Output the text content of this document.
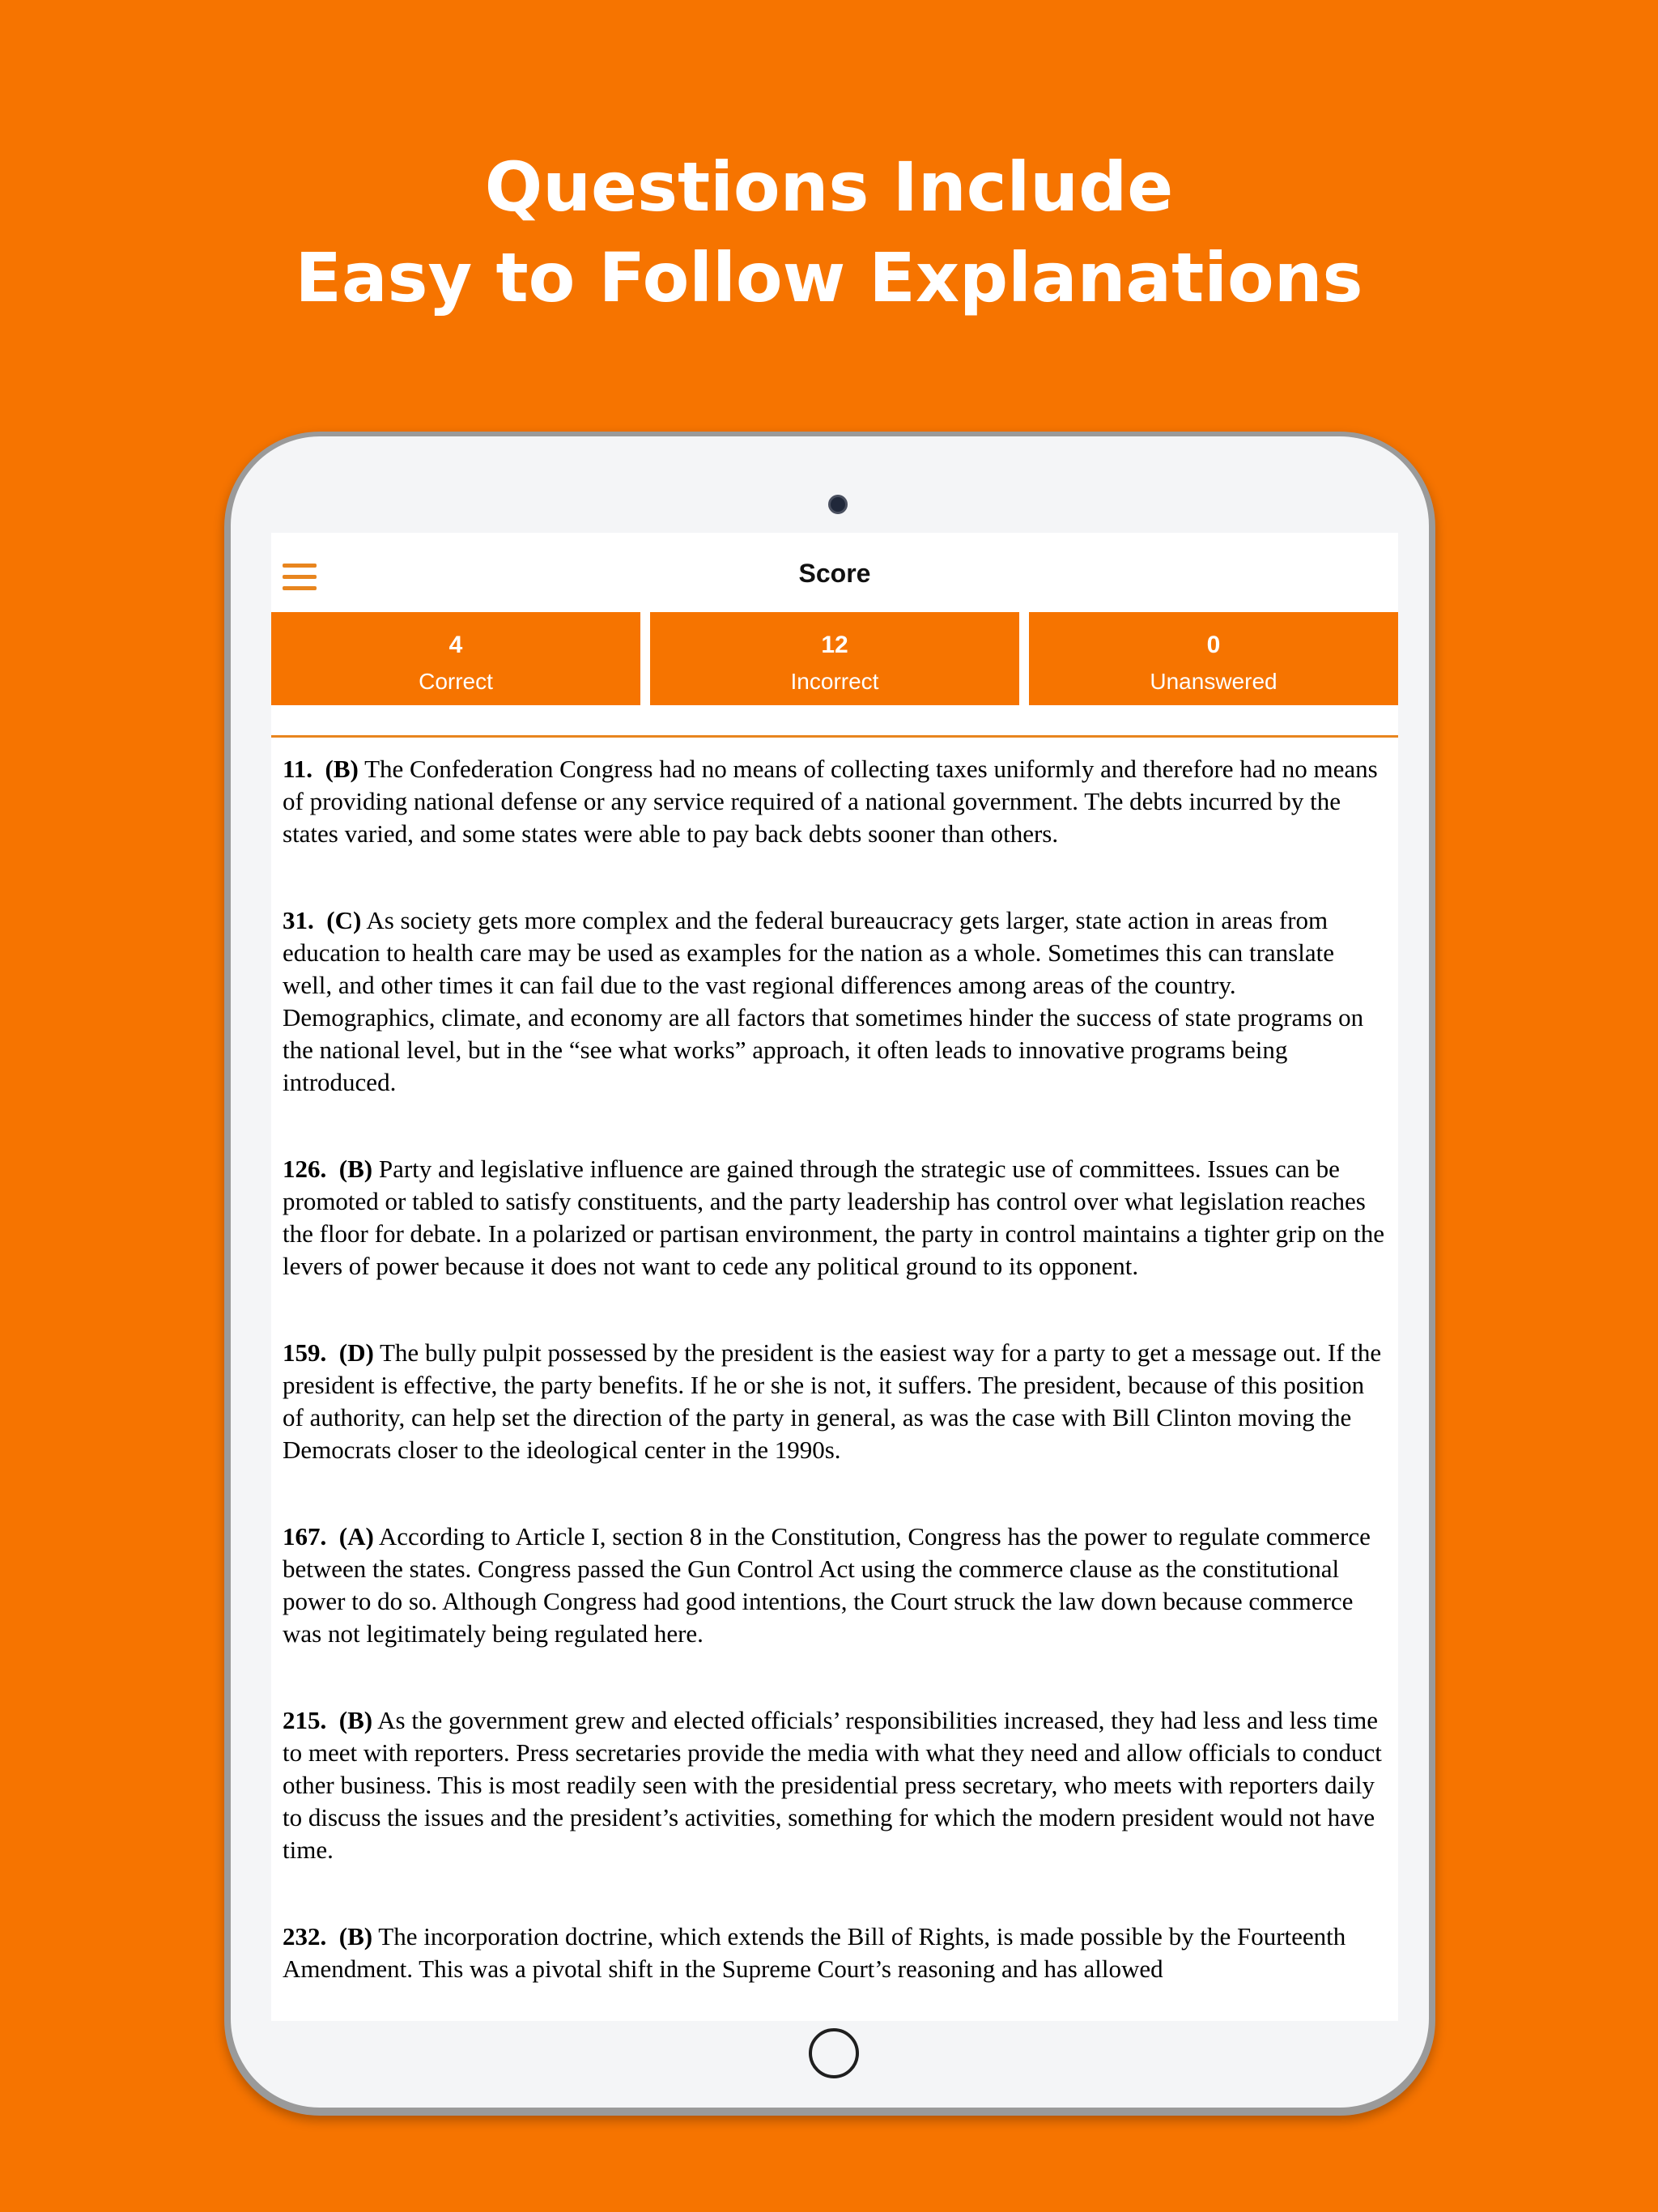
Questions Include
Easy to Follow Explanations
Score
4
Correct
12
Incorrect
0
Unanswered

11. (B) The Confederation Congress had no means of collecting taxes uniformly and therefore had no means of providing national defense or any service required of a national government. The debts incurred by the states varied, and some states were able to pay back debts sooner than others.

31. (C) As society gets more complex and the federal bureaucracy gets larger, state action in areas from education to health care may be used as examples for the nation as a whole. Sometimes this can translate well, and other times it can fail due to the vast regional differences among areas of the country. Demographics, climate, and economy are all factors that sometimes hinder the success of state programs on the national level, but in the “see what works” approach, it often leads to innovative programs being introduced.

126. (B) Party and legislative influence are gained through the strategic use of committees. Issues can be promoted or tabled to satisfy constituents, and the party leadership has control over what legislation reaches the floor for debate. In a polarized or partisan environment, the party in control maintains a tighter grip on the levers of power because it does not want to cede any political ground to its opponent.

159. (D) The bully pulpit possessed by the president is the easiest way for a party to get a message out. If the president is effective, the party benefits. If he or she is not, it suffers. The president, because of this position of authority, can help set the direction of the party in general, as was the case with Bill Clinton moving the Democrats closer to the ideological center in the 1990s.

167. (A) According to Article I, section 8 in the Constitution, Congress has the power to regulate commerce between the states. Congress passed the Gun Control Act using the commerce clause as the constitutional power to do so. Although Congress had good intentions, the Court struck the law down because commerce was not legitimately being regulated here.

215. (B) As the government grew and elected officials’ responsibilities increased, they had less and less time to meet with reporters. Press secretaries provide the media with what they need and allow officials to conduct other business. This is most readily seen with the presidential press secretary, who meets with reporters daily to discuss the issues and the president’s activities, something for which the modern president would not have time.

232. (B) The incorporation doctrine, which extends the Bill of Rights, is made possible by the Fourteenth Amendment. This was a pivotal shift in the Supreme Court’s reasoning and has allowed
